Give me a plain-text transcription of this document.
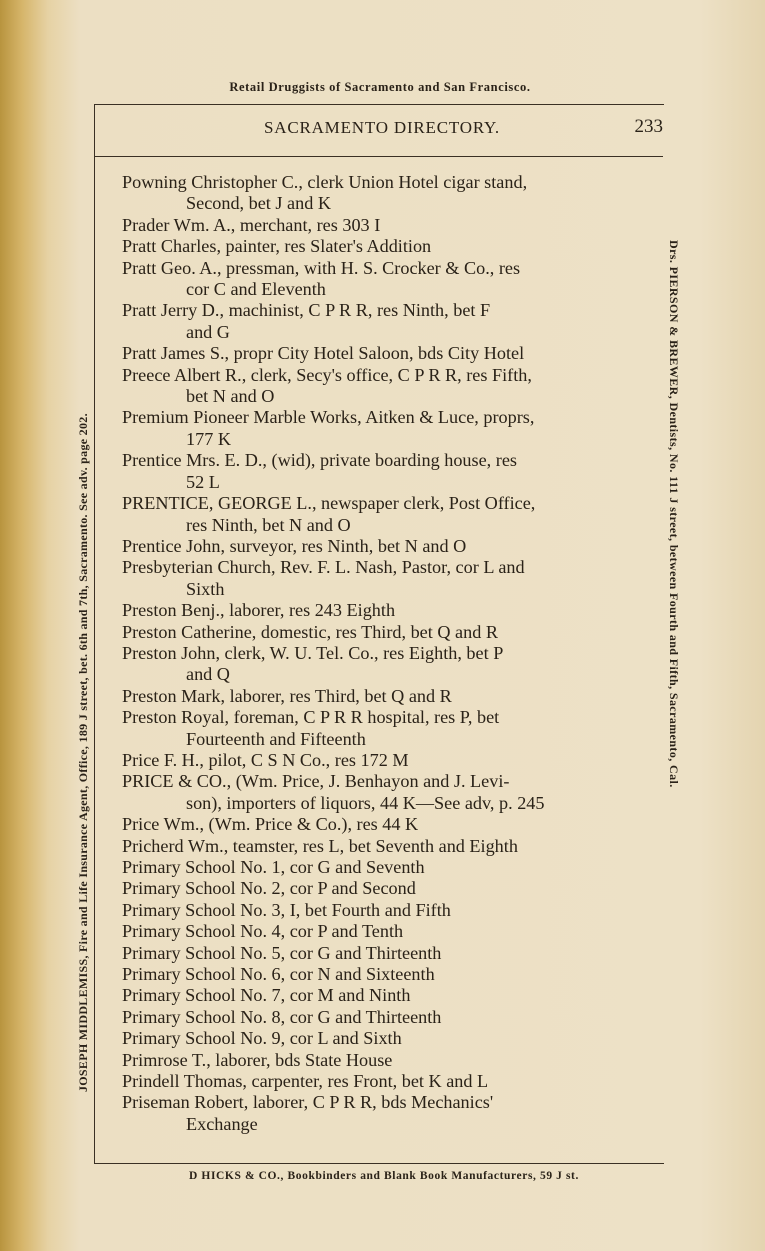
Retail Druggists of Sacramento and San Francisco.
SACRAMENTO DIRECTORY.	233
Powning Christopher C., clerk Union Hotel cigar stand,
Second, bet J and K
Prader Wm. A., merchant, res 303 I
Pratt Charles, painter, res Slater's Addition
Pratt Geo. A., pressman, with H. S. Crocker & Co., res
cor C and Eleventh
Pratt Jerry D., machinist, C P R R, res Ninth, bet F
and G
Pratt James S., propr City Hotel Saloon, bds City Hotel
Preece Albert R., clerk, Secy's office, C P R R, res Fifth,
bet N and O
Premium Pioneer Marble Works, Aitken & Luce, proprs,
177 K
Prentice Mrs. E. D., (wid), private boarding house, res
52 L
PRENTICE, GEORGE L., newspaper clerk, Post Office,
res Ninth, bet N and O
Prentice John, surveyor, res Ninth, bet N and O
Presbyterian Church, Rev. F. L. Nash, Pastor, cor L and
Sixth
Preston Benj., laborer, res 243 Eighth
Preston Catherine, domestic, res Third, bet Q and R
Preston John, clerk, W. U. Tel. Co., res Eighth, bet P
and Q
Preston Mark, laborer, res Third, bet Q and R
Preston Royal, foreman, C P R R hospital, res P, bet
Fourteenth and Fifteenth
Price F. H., pilot, C S N Co., res 172 M
PRICE & CO., (Wm. Price, J. Benhayon and J. Levi-
son), importers of liquors, 44 K—See adv, p. 245
Price Wm., (Wm. Price & Co.), res 44 K
Pricherd Wm., teamster, res L, bet Seventh and Eighth
Primary School No. 1, cor G and Seventh
Primary School No. 2, cor P and Second
Primary School No. 3, I, bet Fourth and Fifth
Primary School No. 4, cor P and Tenth
Primary School No. 5, cor G and Thirteenth
Primary School No. 6, cor N and Sixteenth
Primary School No. 7, cor M and Ninth
Primary School No. 8, cor G and Thirteenth
Primary School No. 9, cor L and Sixth
Primrose T., laborer, bds State House
Prindell Thomas, carpenter, res Front, bet K and L
Priseman Robert, laborer, C P R R, bds Mechanics'
Exchange
JOSEPH MIDDLEMISS, Fire and Life Insurance Agent, Office, 189 J street, bet. 6th and 7th, Sacramento. See adv. page 202.	Drs. PIERSON & BREWER, Dentists, No. 111 J street, between Fourth and Fifth, Sacramento, Cal.
D HICKS & CO., Bookbinders and Blank Book Manufacturers, 59 J st.
